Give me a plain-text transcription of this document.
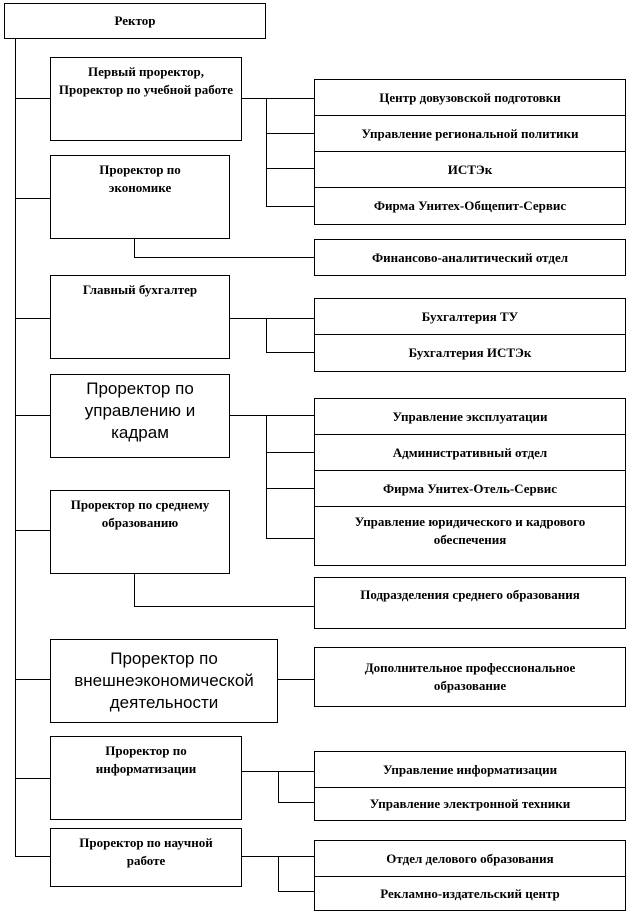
Ректор
Первый проректор,
Проректор по учебной работе
Проректор по экономике
Главный бухгалтер
Проректор по управлению и кадрам
Проректор по среднему образованию
Проректор по внешнеэкономической деятельности
Проректор по информатизации
Проректор по научной работе
Центр довузовской подготовки
Управление региональной политики
ИСТЭк
Фирма Унитех-Общепит-Сервис
Финансово-аналитический отдел
Бухгалтерия ТУ
Бухгалтерия ИСТЭк
Управление эксплуатации
Административный отдел
Фирма Унитех-Отель-Сервис
Управление юридического и кадрового обеспечения
Подразделения среднего образования
Дополнительное профессиональное образование
Управление информатизации
Управление электронной техники
Отдел делового образования
Рекламно-издательский центр
